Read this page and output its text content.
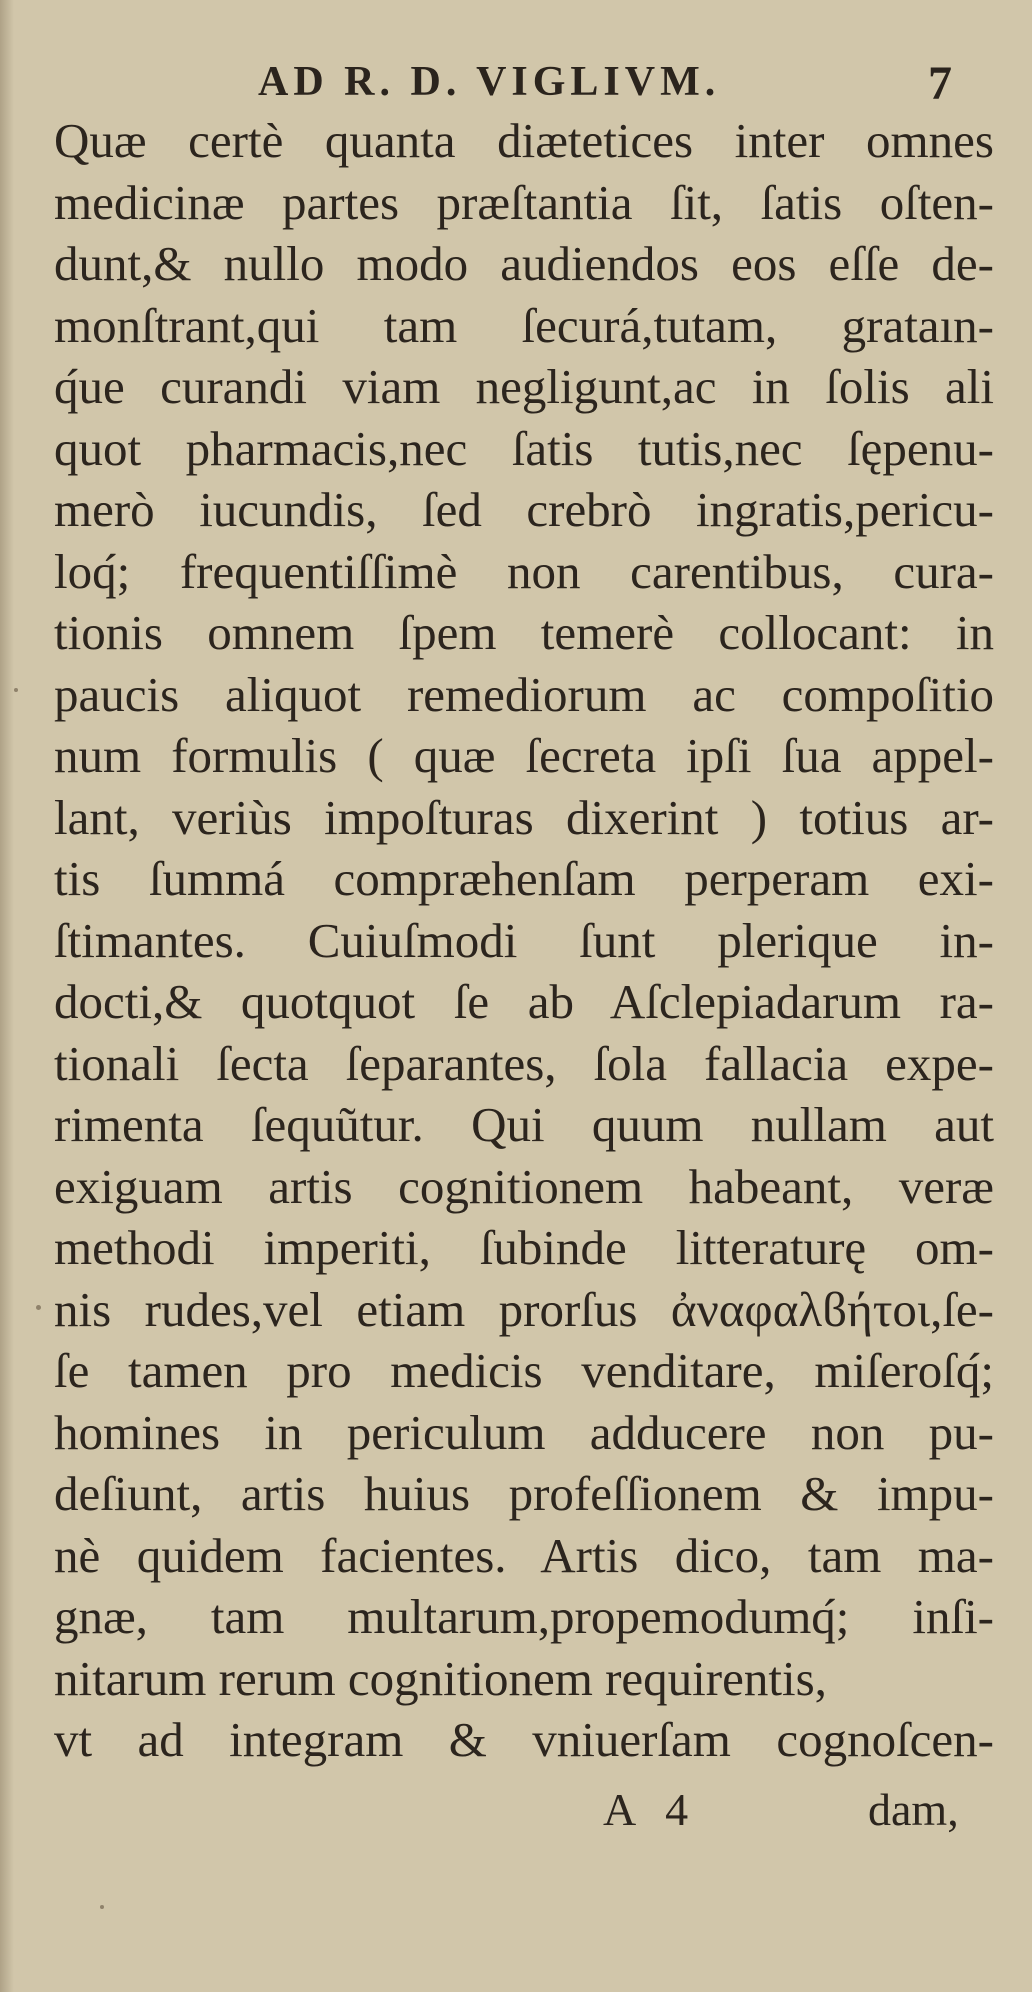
AD R. D. VIGLIVM.	7
Quæ certè quanta diætetices inter omnes
medicinæ partes præſtantia ſit, ſatis oſten-
dunt,& nullo modo audiendos eos eſſe de-
monſtrant,qui tam ſecurá,tutam, grataın-
q́ue curandi viam negligunt,ac in ſolis ali
quot pharmacis,nec ſatis tutis,nec ſępenu-
merò iucundis, ſed crebrò ingratis,pericu-
loq́; frequentiſſimè non carentibus, cura-
tionis omnem ſpem temerè collocant: in
paucis aliquot remediorum ac compoſitio
num formulis ( quæ ſecreta ipſi ſua appel-
lant, veriùs impoſturas dixerint ) totius ar-
tis ſummá compræhenſam perperam exi-
ſtimantes. Cuiuſmodi ſunt plerique in-
docti,& quotquot ſe ab Aſclepiadarum ra-
tionali ſecta ſeparantes, ſola fallacia expe-
rimenta ſequũtur. Qui quum nullam aut
exiguam artis cognitionem habeant, veræ
methodi imperiti, ſubinde litteraturę om-
nis rudes,vel etiam prorſus ἀναφαλϐήτοι,ſe-
ſe tamen pro medicis venditare, miſeroſq́;
homines in periculum adducere non pu-
deſiunt, artis huius profeſſionem & impu-
nè quidem facientes. Artis dico, tam ma-
gnæ, tam multarum,propemodumq́; inſi-
nitarum rerum cognitionem requirentis,
vt ad integram & vniuerſam cognoſcen-
A 4	dam,
